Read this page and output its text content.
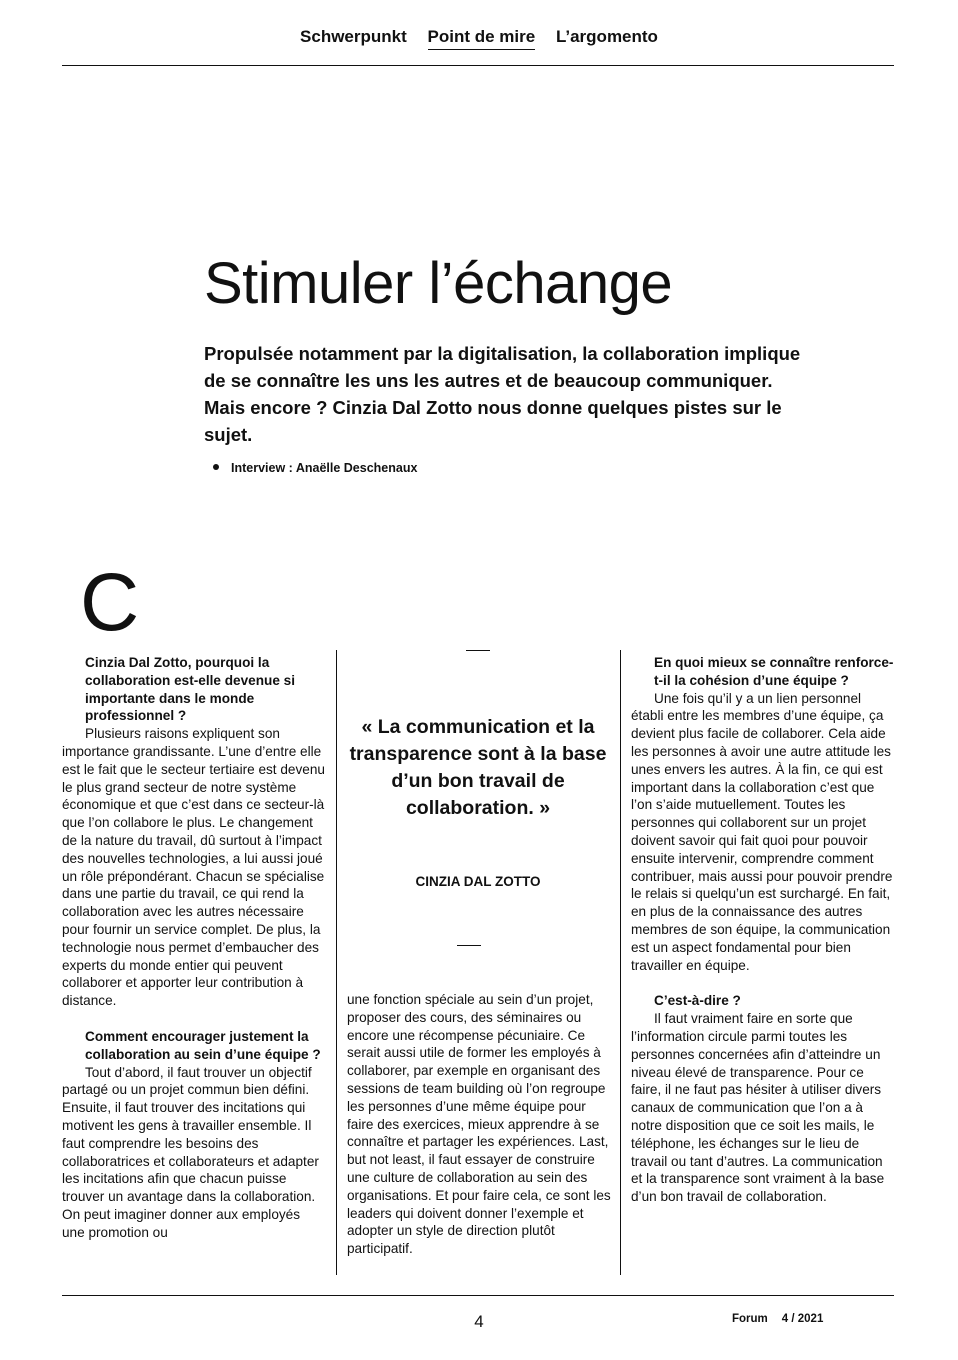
Schwerpunkt Point de mire L’argomento
Stimuler l’échange

Propulsée notamment par la digitalisation, la collaboration implique de se connaître les uns les autres et de beaucoup communiquer. Mais encore ? Cinzia Dal Zotto nous donne quelques pistes sur le sujet.

Interview : Anaëlle Deschenaux
C

Cinzia Dal Zotto, pourquoi la collaboration est-elle devenue si importante dans le monde professionnel ?

Plusieurs raisons expliquent son importance grandissante. L’une d’entre elle est le fait que le secteur tertiaire est devenu le plus grand secteur de notre système économique et que c’est dans ce secteur-là que l’on collabore le plus. Le changement de la nature du travail, dû surtout à l’impact des nouvelles technologies, a lui aussi joué un rôle prépondérant. Chacun se spécialise dans une partie du travail, ce qui rend la collaboration avec les autres nécessaire pour fournir un service complet. De plus, la technologie nous permet d’embaucher des experts du monde entier qui peuvent collaborer et apporter leur contribution à distance.

Comment encourager justement la collaboration au sein d’une équipe ?

Tout d’abord, il faut trouver un objectif partagé ou un projet commun bien défini. Ensuite, il faut trouver des incitations qui motivent les gens à travailler ensemble. Il faut comprendre les besoins des collaboratrices et collaborateurs et adapter les incitations afin que chacun puisse trouver un avantage dans la collaboration. On peut imaginer donner aux employés une promotion ou

« La communication et la transparence sont à la base d’un bon travail de collaboration. »
CINZIA DAL ZOTTO

une fonction spéciale au sein d’un projet, proposer des cours, des séminaires ou encore une récompense pécuniaire. Ce serait aussi utile de former les employés à collaborer, par exemple en organisant des sessions de team building où l’on regroupe les personnes d’une même équipe pour faire des exercices, mieux apprendre à se connaître et partager les expériences. Last, but not least, il faut essayer de construire une culture de collaboration au sein des organisations. Et pour faire cela, ce sont les leaders qui doivent donner l’exemple et adopter un style de direction plutôt participatif.

En quoi mieux se connaître renforce-t-il la cohésion d’une équipe ?

Une fois qu’il y a un lien personnel établi entre les membres d’une équipe, ça devient plus facile de collaborer. Cela aide les personnes à avoir une autre attitude les unes envers les autres. À la fin, ce qui est important dans la collaboration c’est que l’on s’aide mutuellement. Toutes les personnes qui collaborent sur un projet doivent savoir qui fait quoi pour pouvoir ensuite intervenir, comprendre comment contribuer, mais aussi pour pouvoir prendre le relais si quelqu’un est surchargé. En fait, en plus de la connaissance des autres membres de son équipe, la communication est un aspect fondamental pour bien travailler en équipe.

C’est-à-dire ?

Il faut vraiment faire en sorte que l’information circule parmi toutes les personnes concernées afin d’atteindre un niveau élevé de transparence. Pour ce faire, il ne faut pas hésiter à utiliser divers canaux de communication que l’on a à notre disposition que ce soit les mails, le téléphone, les échanges sur le lieu de travail ou tant d’autres. La communication et la transparence sont vraiment à la base d’un bon travail de collaboration.

4	Forum 4 / 2021
